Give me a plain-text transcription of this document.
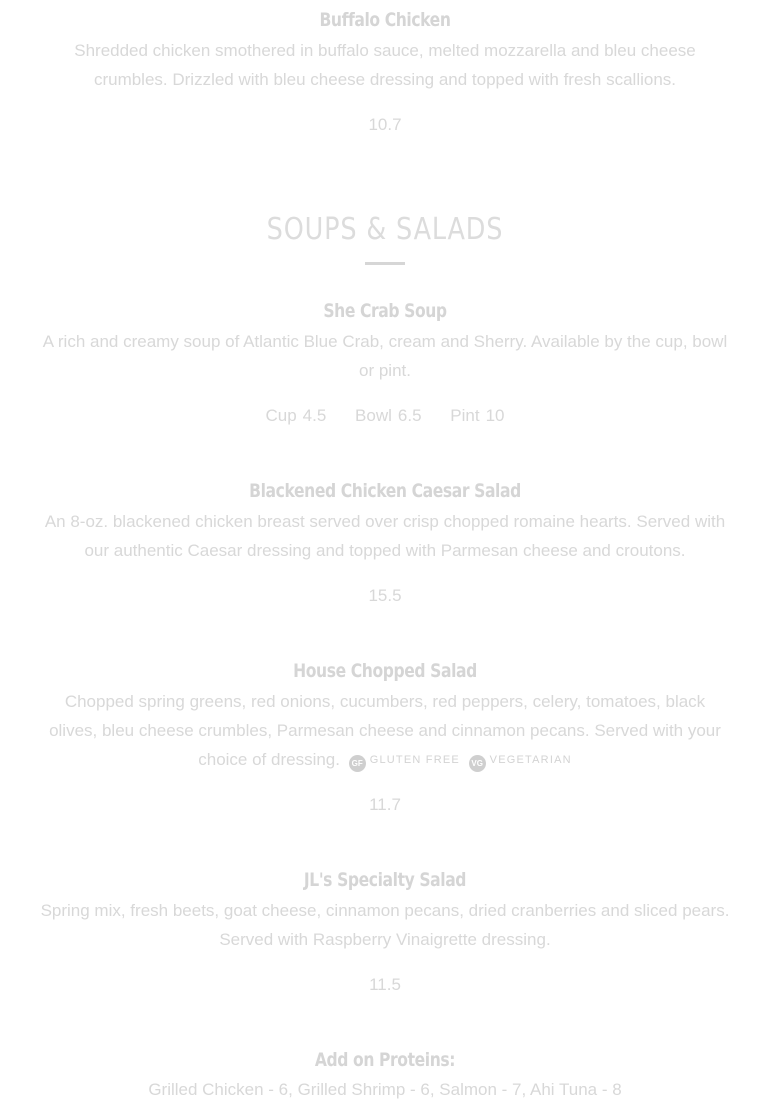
Buffalo Chicken
Shredded chicken smothered in buffalo sauce, melted mozzarella and bleu cheese crumbles. Drizzled with bleu cheese dressing and topped with fresh scallions.
10.7
SOUPS & SALADS
She Crab Soup
A rich and creamy soup of Atlantic Blue Crab, cream and Sherry. Available by the cup, bowl or pint.
Cup 4.5 Bowl 6.5 Pint 10
Blackened Chicken Caesar Salad
An 8-oz. blackened chicken breast served over crisp chopped romaine hearts. Served with our authentic Caesar dressing and topped with Parmesan cheese and croutons.
15.5
House Chopped Salad
Chopped spring greens, red onions, cucumbers, red peppers, celery, tomatoes, black olives, bleu cheese crumbles, Parmesan cheese and cinnamon pecans. Served with your choice of dressing. GF GLUTEN FREE VG VEGETARIAN
11.7
JL's Specialty Salad
Spring mix, fresh beets, goat cheese, cinnamon pecans, dried cranberries and sliced pears. Served with Raspberry Vinaigrette dressing.
11.5
Add on Proteins:
Grilled Chicken - 6, Grilled Shrimp - 6, Salmon - 7, Ahi Tuna - 8
